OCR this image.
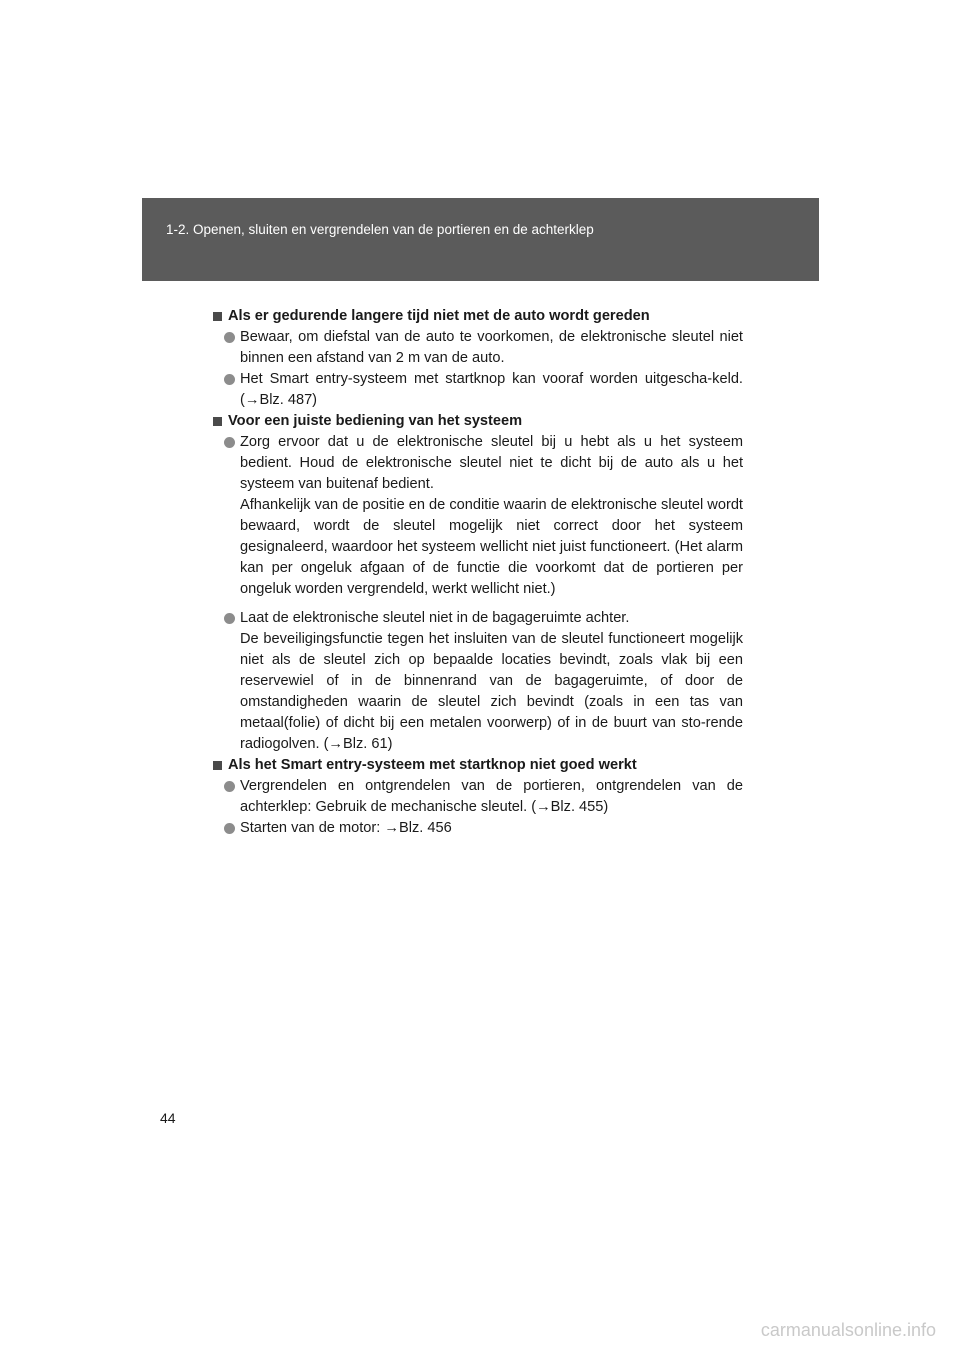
1-2. Openen, sluiten en vergrendelen van de portieren en de achterklep
Als er gedurende langere tijd niet met de auto wordt gereden
Bewaar, om diefstal van de auto te voorkomen, de elektronische sleutel niet binnen een afstand van 2 m van de auto.
Het Smart entry-systeem met startknop kan vooraf worden uitgescha-keld. (→Blz. 487)
Voor een juiste bediening van het systeem
Zorg ervoor dat u de elektronische sleutel bij u hebt als u het systeem bedient. Houd de elektronische sleutel niet te dicht bij de auto als u het systeem van buitenaf bedient.
Afhankelijk van de positie en de conditie waarin de elektronische sleutel wordt bewaard, wordt de sleutel mogelijk niet correct door het systeem gesignaleerd, waardoor het systeem wellicht niet juist functioneert. (Het alarm kan per ongeluk afgaan of de functie die voorkomt dat de portieren per ongeluk worden vergrendeld, werkt wellicht niet.)
Laat de elektronische sleutel niet in de bagageruimte achter.
De beveiligingsfunctie tegen het insluiten van de sleutel functioneert mogelijk niet als de sleutel zich op bepaalde locaties bevindt, zoals vlak bij een reservewiel of in de binnenrand van de bagageruimte, of door de omstandigheden waarin de sleutel zich bevindt (zoals in een tas van metaal(folie) of dicht bij een metalen voorwerp) of in de buurt van sto-rende radiogolven. (→Blz. 61)
Als het Smart entry-systeem met startknop niet goed werkt
Vergrendelen en ontgrendelen van de portieren, ontgrendelen van de achterklep: Gebruik de mechanische sleutel. (→Blz. 455)
Starten van de motor: →Blz. 456
44
carmanualsonline.info
